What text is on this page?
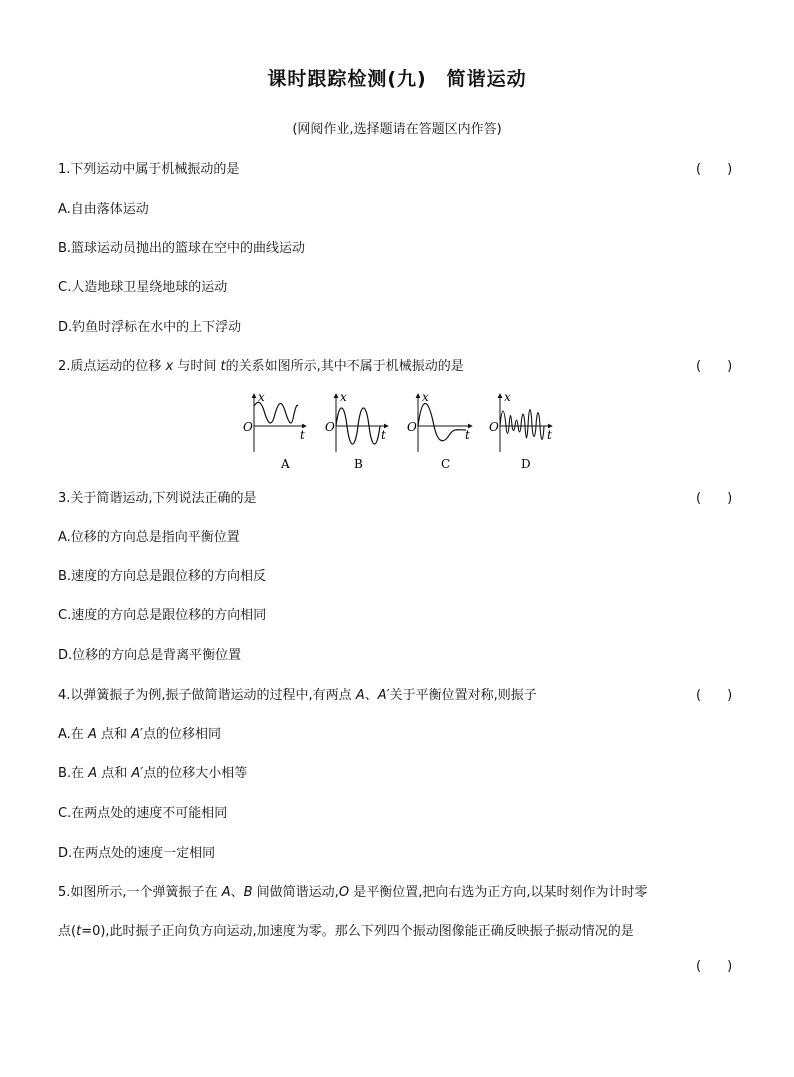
课时跟踪检测(九)　简谐运动
(网阅作业,选择题请在答题区内作答)
1.下列运动中属于机械振动的是	(　　)
A.自由落体运动
B.篮球运动员抛出的篮球在空中的曲线运动
C.人造地球卫星绕地球的运动
D.钓鱼时浮标在水中的上下浮动
2.质点运动的位移 x 与时间 t的关系如图所示,其中不属于机械振动的是	(　　)
x
O
t
A
x
O
t
B
x
O
t
C
x
O
t
D
3.关于简谐运动,下列说法正确的是	(　　)
A.位移的方向总是指向平衡位置
B.速度的方向总是跟位移的方向相反
C.速度的方向总是跟位移的方向相同
D.位移的方向总是背离平衡位置
4.以弹簧振子为例,振子做简谐运动的过程中,有两点 A、A′关于平衡位置对称,则振子	(　　)
A.在 A 点和 A′点的位移相同
B.在 A 点和 A′点的位移大小相等
C.在两点处的速度不可能相同
D.在两点处的速度一定相同
5.如图所示,一个弹簧振子在 A、B 间做简谐运动,O 是平衡位置,把向右选为正方向,以某时刻作为计时零
点(t=0),此时振子正向负方向运动,加速度为零。那么下列四个振动图像能正确反映振子振动情况的是
(　　)
